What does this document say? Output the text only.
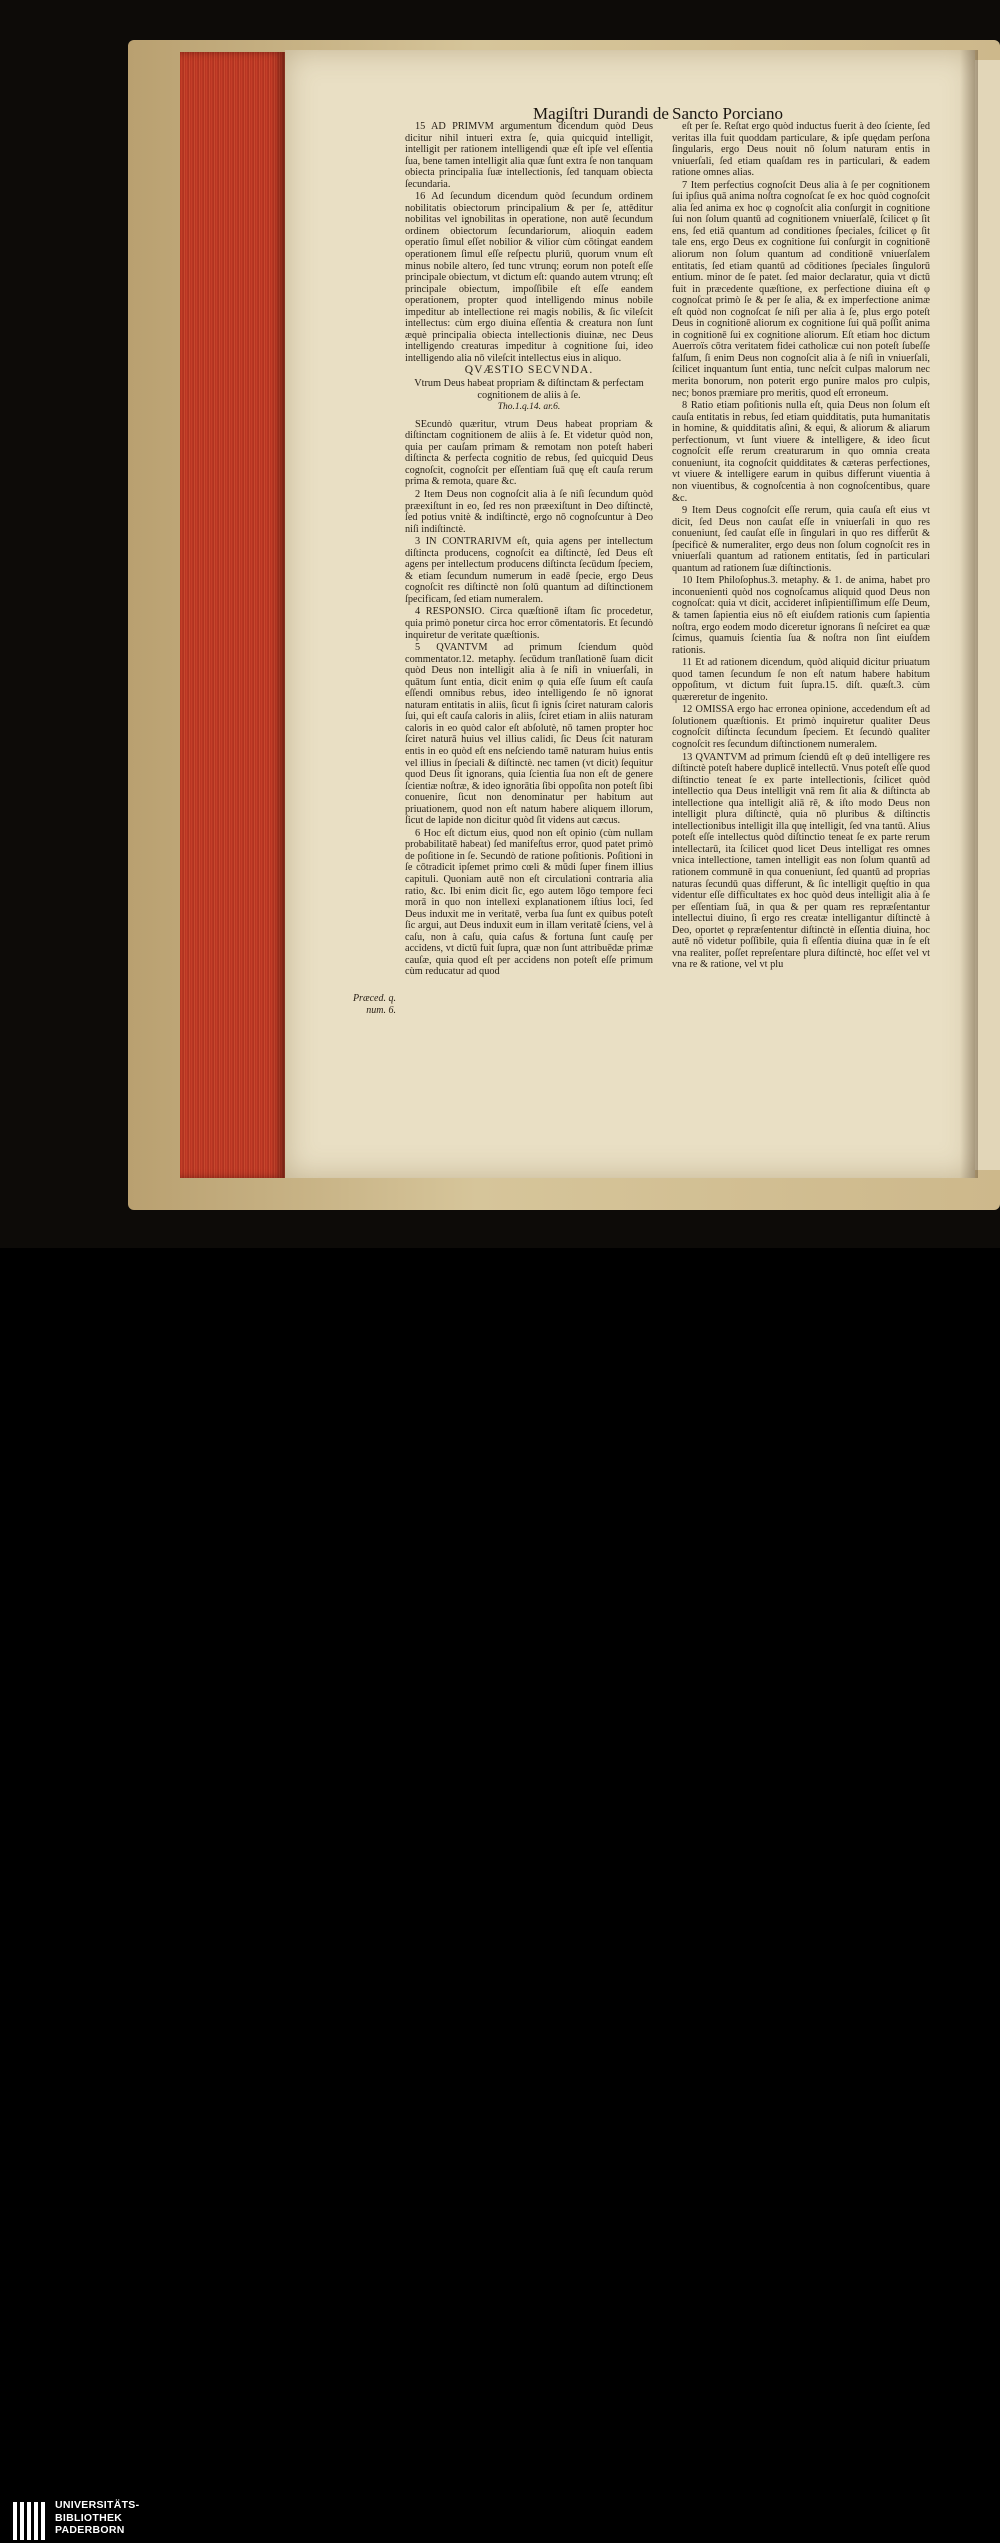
Magiſtri Durandi de Sancto Porciano

15 AD PRIMVM argumentum dicendum quòd Deus dicitur nihil intueri extra ſe, quia quicquid intelligit, intelligit per rationem intelligendi quæ eſt ipſe vel eſſentia ſua, bene tamen intelligit alia quæ ſunt extra ſe non tanquam obiecta principalia ſuæ intellectionis, ſed tanquam obiecta ſecundaria.

16 Ad ſecundum dicendum quòd ſecundum ordinem nobilitatis obiectorum principalium & per ſe, attēditur nobilitas vel ignobilitas in operatione, non autē ſecundum ordinem obiectorum ſecundariorum, alioquin eadem operatio ſimul eſſet nobilior & vilior cùm cōtingat eandem operationem ſimul eſſe reſpectu pluriū, quorum vnum eſt minus nobile altero, ſed tunc vtrunq; eorum non poteſt eſſe principale obiectum, vt dictum eſt: quando autem vtrunq; eſt principale obiectum, impoſſibile eſt eſſe eandem operationem, propter quod intelligendo minus nobile impeditur ab intellectione rei magis nobilis, & ſic vileſcit intellectus: cùm ergo diuina eſſentia & creatura non ſunt æquè principalia obiecta intellectionis diuinæ, nec Deus intelligendo creaturas impeditur à cognitione ſui, ideo intelligendo alia nō vileſcit intellectus eius in aliquo.

QVÆSTIO SECVNDA.

Vtrum Deus habeat propriam & diſtinctam & perfectam cognitionem de aliis à ſe.

Tho.1.q.14. ar.6.

SEcundò quæritur, vtrum Deus habeat propriam & diſtinctam cognitionem de aliis à ſe. Et videtur quòd non, quia per cauſam primam & remotam non poteſt haberi diſtincta & perfecta cognitio de rebus, ſed quicquid Deus cognoſcit, cognoſcit per eſſentiam ſuā quę eſt cauſa rerum prima & remota, quare &c.

2 Item Deus non cognoſcit alia à ſe niſi ſecundum quòd præexiſtunt in eo, ſed res non præexiſtunt in Deo diſtinctè, ſed potius vnitè & indiſtinctè, ergo nō cognoſcuntur à Deo niſi indiſtinctè.

3 IN CONTRARIVM eſt, quia agens per intellectum diſtincta producens, cognoſcit ea diſtinctè, ſed Deus eſt agens per intellectum producens diſtincta ſecūdum ſpeciem, & etiam ſecundum numerum in eadē ſpecie, ergo Deus cognoſcit res diſtinctè non ſolū quantum ad diſtinctionem ſpecificam, ſed etiam numeralem.

4 RESPONSIO. Circa quæſtionē iſtam ſic procedetur, quia primò ponetur circa hoc error cōmentatoris. Et ſecundò inquiretur de veritate quæſtionis.

5 QVANTVM ad primum ſciendum quòd commentator.12. metaphy. ſecūdum tranſlationē ſuam dicit quòd Deus non intelligit alia à ſe niſi in vniuerſali, in quātum ſunt entia, dicit enim φ quia eſſe ſuum eſt cauſa eſſendi omnibus rebus, ideo intelligendo ſe nō ignorat naturam entitatis in aliis, ſicut ſi ignis ſciret naturam caloris ſui, qui eſt cauſa caloris in aliis, ſciret etiam in aliis naturam caloris in eo quòd calor eſt abſolutè, nō tamen propter hoc ſciret naturā huius vel illius calidi, ſic Deus ſcit naturam entis in eo quòd eſt ens neſciendo tamē naturam huius entis vel illius in ſpeciali & diſtinctè. nec tamen (vt dicit) ſequitur quod Deus ſit ignorans, quia ſcientia ſua non eſt de genere ſcientiæ noſtræ, & ideo ignorātia ſibi oppoſita non poteſt ſibi conuenire, ſicut non denominatur per habitum aut priuationem, quod non eſt natum habere aliquem illorum, ſicut de lapide non dicitur quòd ſit videns aut cæcus.

6 Hoc eſt dictum eius, quod non eſt opinio (cùm nullam probabilitatē habeat) ſed manifeſtus error, quod patet primò de poſitione in ſe. Secundò de ratione poſitionis. Poſitioni in ſe cōtradicit ipſemet primo cœli & mūdi ſuper finem illius capituli. Quoniam autē non eſt circulationi contraria alia ratio, &c. Ibi enim dicit ſic, ego autem lōgo tempore feci morā in quo non intellexi explanationem iſtius loci, ſed Deus induxit me in veritatē, verba ſua ſunt ex quibus poteſt ſic argui, aut Deus induxit eum in illam veritatē ſciens, vel à caſu, non à caſu, quia caſus & fortuna ſunt cauſę per accidens, vt dictū fuit ſupra, quæ non ſunt attribuēdæ primæ cauſæ, quia quod eſt per accidens non poteſt eſſe primum cùm reducatur ad quod

eſt per ſe. Reſtat ergo quòd inductus fuerit à deo ſciente, ſed veritas illa fuit quoddam particulare, & ipſe quędam perſona ſingularis, ergo Deus nouit nō ſolum naturam entis in vniuerſali, ſed etiam quaſdam res in particulari, & eadem ratione omnes alias.

7 Item perfectius cognoſcit Deus alia à ſe per cognitionem ſui ipſius quā anima noſtra cognoſcat ſe ex hoc quòd cognoſcit alia ſed anima ex hoc φ cognoſcit alia conſurgit in cognitione ſui non ſolum quantū ad cognitionem vniuerſalē, ſcilicet φ ſit ens, ſed etiā quantum ad conditiones ſpeciales, ſcilicet φ ſit tale ens, ergo Deus ex cognitione ſui conſurgit in cognitionē aliorum non ſolum quantum ad conditionē vniuerſalem entitatis, ſed etiam quantū ad cōditiones ſpeciales ſingulorū entium. minor de ſe patet. ſed maior declaratur, quia vt dictū fuit in præcedente quæſtione, ex perfectione diuina eſt φ cognoſcat primò ſe & per ſe alia, & ex imperfectione animæ eſt quòd non cognoſcat ſe niſi per alia à ſe, plus ergo poteſt Deus in cognitionē aliorum ex cognitione ſui quā poſſit anima in cognitionē ſui ex cognitione aliorum. Eſt etiam hoc dictum Auerroïs cōtra veritatem fidei catholicæ cui non poteſt ſubeſſe falſum, ſi enim Deus non cognoſcit alia à ſe niſi in vniuerſali, ſcilicet inquantum ſunt entia, tunc neſcit culpas malorum nec merita bonorum, non poterit ergo punire malos pro culpis, nec; bonos præmiare pro meritis, quod eſt erroneum.

8 Ratio etiam poſitionis nulla eſt, quia Deus non ſolum eſt cauſa entitatis in rebus, ſed etiam quidditatis, puta humanitatis in homine, & quidditatis aſini, & equi, & aliorum & aliarum perfectionum, vt ſunt viuere & intelligere, & ideo ſicut cognoſcit eſſe rerum creaturarum in quo omnia creata conueniunt, ita cognoſcit quidditates & cæteras perfectiones, vt viuere & intelligere earum in quibus differunt viuentia à non viuentibus, & cognoſcentia à non cognoſcentibus, quare &c.

9 Item Deus cognoſcit eſſe rerum, quia cauſa eſt eius vt dicit, ſed Deus non cauſat eſſe in vniuerſali in quo res conueniunt, ſed cauſat eſſe in ſingulari in quo res differūt & ſpecificè & numeraliter, ergo deus non ſolum cognoſcit res in vniuerſali quantum ad rationem entitatis, ſed in particulari quantum ad rationem ſuæ diſtinctionis.

10 Item Philoſophus.3. metaphy. & 1. de anima, habet pro inconuenienti quòd nos cognoſcamus aliquid quod Deus non cognoſcat: quia vt dicit, accideret inſipientiſſimum eſſe Deum, & tamen ſapientia eius nō eſt eiuſdem rationis cum ſapientia noſtra, ergo eodem modo diceretur ignorans ſi neſciret ea quæ ſcimus, quamuis ſcientia ſua & noſtra non ſint eiuſdem rationis.

11 Et ad rationem dicendum, quòd aliquid dicitur priuatum quod tamen ſecundum ſe non eſt natum habere habitum oppoſitum, vt dictum fuit ſupra.15. diſt. quæſt.3. cùm quæreretur de ingenito.

12 OMISSA ergo hac erronea opinione, accedendum eſt ad ſolutionem quæſtionis. Et primò inquiretur qualiter Deus cognoſcit diſtincta ſecundum ſpeciem. Et ſecundò qualiter cognoſcit res ſecundum diſtinctionem numeralem.

13 QVANTVM ad primum ſciendū eſt φ deū intelligere res diſtinctè poteſt habere duplicē intellectū. Vnus poteſt eſſe quod diſtinctio teneat ſe ex parte intellectionis, ſcilicet quòd intellectio qua Deus intelligit vnā rem ſit alia & diſtincta ab intellectione qua intelligit aliā rē, & iſto modo Deus non intelligit plura diſtinctè, quia nō pluribus & diſtinctis intellectionibus intelligit illa quę intelligit, ſed vna tantū. Alius poteſt eſſe intellectus quòd diſtinctio teneat ſe ex parte rerum intellectarū, ita ſcilicet quod licet Deus intelligat res omnes vnica intellectione, tamen intelligit eas non ſolum quantū ad rationem communē in qua conueniunt, ſed quantū ad proprias naturas ſecundū quas differunt, & ſic intelligit quęſtio in qua videntur eſſe difficultates ex hoc quòd deus intelligit alia à ſe per eſſentiam ſuā, in qua & per quam res repræſentantur intellectui diuino, ſi ergo res creatæ intelligantur diſtinctè à Deo, oportet φ repræſententur diſtinctè in eſſentia diuina, hoc autē nō videtur poſſibile, quia ſi eſſentia diuina quæ in ſe eſt vna realiter, poſſet repreſentare plura diſtinctè, hoc eſſet vel vt vna re & ratione, vel vt plu

Præced. q. num. 6.
UNIVERSITÄTS-
BIBLIOTHEK
PADERBORN
